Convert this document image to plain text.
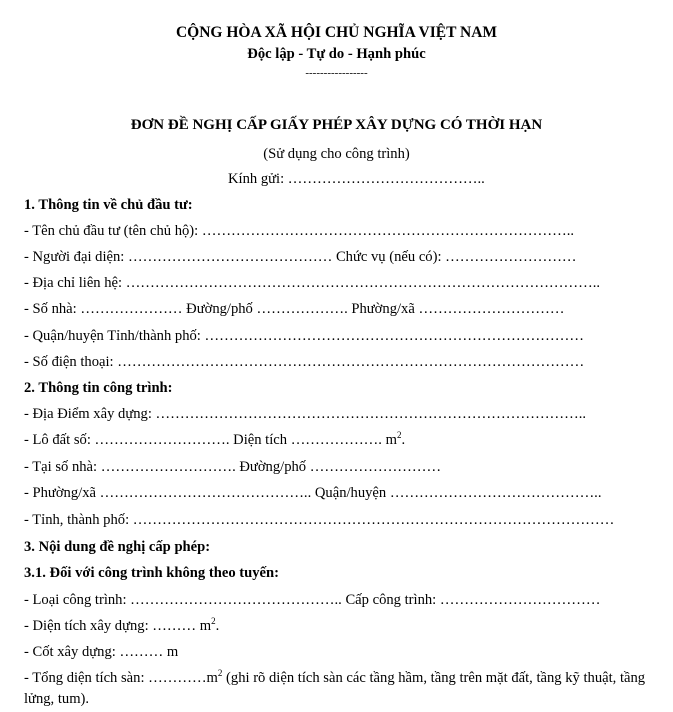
CỘNG HÒA XÃ HỘI CHỦ NGHĨA VIỆT NAM
Độc lập - Tự do - Hạnh phúc
-----------------
ĐƠN ĐỀ NGHỊ CẤP GIẤY PHÉP XÂY DỰNG CÓ THỜI HẠN
(Sử dụng cho công trình)
Kính gửi: …………………………………..
1. Thông tin về chủ đầu tư:
- Tên chủ đầu tư (tên chủ hộ): …………………………………………………………………..
- Người đại diện: …………………………………… Chức vụ (nếu có): ………………………
- Địa chỉ liên hệ: ……………………………………………………………………………………..
- Số nhà: ………………… Đường/phố ………………. Phường/xã …………………………
- Quận/huyện Tỉnh/thành phố: ……………………………………………………………………
- Số điện thoại: ……………………………………………………………………………………
2. Thông tin công trình:
- Địa Điểm xây dựng: ……………………………………………………………………………..
- Lô đất số: ………………………. Diện tích ………………. $m^2$.
- Tại số nhà: ………………………. Đường/phố ………………………
- Phường/xã …………………………………….. Quận/huyện ……………………………………..
- Tỉnh, thành phố: ………………………………………………………………………………………
3. Nội dung đề nghị cấp phép:
3.1. Đối với công trình không theo tuyến:
- Loại công trình: …………………………………….. Cấp công trình: ……………………………
- Diện tích xây dựng: ……… $m^2$.
- Cốt xây dựng: ……… m
- Tổng diện tích sàn: $\dots\dots\dots\dots m^2$ (ghi rõ diện tích sàn các tầng hầm, tầng trên mặt đất, tầng kỹ thuật, tầng lửng, tum).
